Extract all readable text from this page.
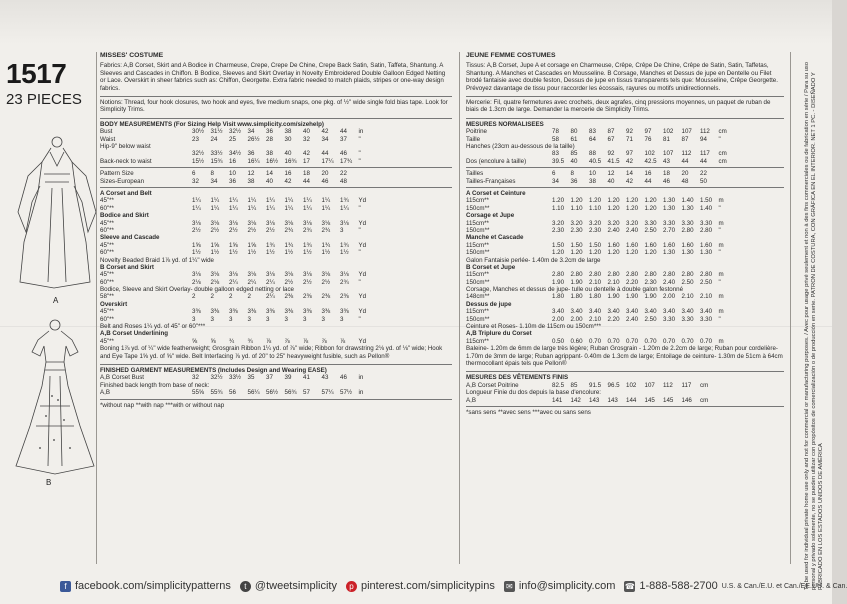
1517
23 PIECES
A
B
MISSES' COSTUME
Fabrics: A,B Corset, Skirt and A Bodice in Charmeuse, Crepe, Crepe De Chine, Crepe Back Satin, Satin, Taffeta, Shantung. A Sleeves and Cascades in Chiffon. B Bodice, Sleeves and Skirt Overlay in Novelty Embroidered Double Galloon Edged Netting or Lace. Overskirt in sheer fabrics such as: Chiffon, Georgette. Extra fabric needed to match plaids, stripes or one-way design fabrics.
Notions: Thread, four hook closures, two hook and eyes, five medium snaps, one pkg. of ½" wide single fold bias tape. Look for Simplicity Trims.
BODY MEASUREMENTS (For Sizing Help Visit www.simplicity.com/sizehelp)
Bust	30½	31½	32½	34	36	38	40	42	44	in
Waist	23	24	25	26½	28	30	32	34	37	"
Hip-9" below waist
32½	33½	34½	36	38	40	42	44	46	"
Back-neck to waist	15½	15¾	16	16¼	16½	16¾	17	17¼	17¾	"
Pattern Size	6	8	10	12	14	16	18	20	22
Sizes-European	32	34	36	38	40	42	44	46	48
A Corset and Belt
45"**	1¼	1¼	1¼	1¼	1¼	1¼	1¼	1¼	1¾	Yd
60"**	1¼	1¼	1¼	1¼	1¼	1¼	1¼	1¼	1¼	"
Bodice and Skirt
45"**	3⅛	3⅛	3⅛	3⅛	3⅛	3⅛	3⅛	3⅛	3⅛	Yd
60"**	2½	2½	2½	2½	2½	2¾	2¾	2¾	3	"
Sleeve and Cascade
45"**	1⅝	1⅝	1⅝	1⅝	1¾	1¾	1¾	1¾	1¾	Yd
60"**	1½	1½	1½	1½	1½	1½	1½	1½	1½	"
Novelty Beaded Braid 1⅞ yd. of 1¼" wide
B Corset and Skirt
45"**	3⅛	3⅛	3⅛	3⅛	3⅛	3⅛	3⅛	3⅛	3⅛	Yd
60"**	2⅛	2⅛	2¼	2¼	2¼	2½	2½	2½	2¾	"
Bodice, Sleeve and Skirt Overlay- double galloon edged netting or lace
58"**	2	2	2	2	2¼	2⅜	2⅜	2⅜	2⅜	Yd
Overskirt
45"**	3⅜	3⅜	3⅜	3⅜	3⅜	3⅜	3⅜	3⅜	3⅜	Yd
60"**	3	3	3	3	3	3	3	3	3	"
Belt and Roses 1¼ yd. of 45" or 60"***
A,B Corset Underlining
45"**	⅝	⅝	¾	¾	⅞	⅞	⅞	⅞	⅞	Yd
Boning 1⅞ yd. of ¼" wide featherweight; Grosgrain Ribbon 1¼ yd. of ⅞" wide; Ribbon for drawstring 2⅛ yd. of ⅛" wide; Hook and Eye Tape 1⅝ yd. of ⅝" wide. Belt Interfacing ⅞ yd. of 20" to 25" heavyweight fusible, such as Pellon®
FINISHED GARMENT MEASUREMENTS (Includes Design and Wearing EASE)
A,B Corset Bust	32	32½	33½	35	37	39	41	43	46	in
Finished back length from base of neck:
A,B	55⅝	55¾	56	56¼	56½	56¾	57	57¼	57½	in
*without nap **with nap ***with or without nap
JEUNE FEMME COSTUMES
Tissus: A,B Corset, Jupe A et corsage en Charmeuse, Crêpe, Crêpe De Chine, Crêpe de Satin, Satin, Taffetas, Shantung. A Manches et Cascades en Mousseline. B Corsage, Manches et Dessus de jupe en Dentelle ou Filet brodé fantaisie avec double feston, Dessus de jupe en tissus transparents tels que: Mousseline, Crêpe Georgette. Prévoyez davantage de tissu pour raccorder les écossais, rayures ou motifs unidirectionnels.
Mercerie: Fil, quatre fermetures avec crochets, deux agrafes, cinq pressions moyennes, un paquet de ruban de biais de 1.3cm de large. Demander la mercerie de Simplicity Trims.
MESURES NORMALISEES
Poitrine	78	80	83	87	92	97	102	107	112	cm
Taille	58	61	64	67	71	76	81	87	94	"
Hanches (23cm au-dessous de la taille)
83	85	88	92	97	102	107	112	117	cm
Dos (encolure à taille)	39.5	40	40.5	41.5	42	42.5	43	44	44	cm
Tailles	6	8	10	12	14	16	18	20	22
Tailles-Françaises	34	36	38	40	42	44	46	48	50
A Corset et Ceinture
115cm**	1.20	1.20	1.20	1.20	1.20	1.20	1.30	1.40	1.50	m
150cm**	1.10	1.10	1.10	1.20	1.20	1.20	1.30	1.30	1.40	"
Corsage et Jupe
115cm**	3.20	3.20	3.20	3.20	3.20	3.30	3.30	3.30	3.30	m
150cm**	2.30	2.30	2.30	2.40	2.40	2.50	2.70	2.80	2.80	"
Manche et Cascade
115cm**	1.50	1.50	1.50	1.60	1.60	1.60	1.60	1.60	1.60	m
150cm**	1.20	1.20	1.20	1.20	1.20	1.20	1.30	1.30	1.30	"
Galon Fantaisie perlée- 1.40m de 3.2cm de large
B Corset et Jupe
115cm**	2.80	2.80	2.80	2.80	2.80	2.80	2.80	2.80	2.80	m
150cm**	1.90	1.90	2.10	2.10	2.20	2.30	2.40	2.50	2.50	"
Corsage, Manches et dessus de jupe- tulle ou dentelle à double galon festonné
148cm**	1.80	1.80	1.80	1.90	1.90	1.90	2.00	2.10	2.10	m
Dessus de jupe
115cm**	3.40	3.40	3.40	3.40	3.40	3.40	3.40	3.40	3.40	m
150cm**	2.00	2.00	2.10	2.20	2.40	2.50	3.30	3.30	3.30	"
Ceinture et Roses- 1.10m de 115cm ou 150cm***
A,B Triplure du Corset
115cm**	0.50	0.60	0.70	0.70	0.70	0.70	0.70	0.70	0.70	m
Baleine- 1.20m de 6mm de large très légère; Ruban Grosgrain - 1.20m de 2.2cm de large; Ruban pour cordelière- 1.70m de 3mm de large; Ruban agrippant- 0.40m de 1.3cm de large; Entoilage de ceinture- 1.30m de 51cm à 64cm thermocollant épais tels que Pellon®
MESURES DES VÊTEMENTS FINIS
A,B Corset Poitrine	82.5	85	91.5	96.5	102	107	112	117	cm
Longueur Finie du dos depuis la base d'encolure:
A,B	141	142	143	143	144	145	145	146	cm
*sans sens **avec sens ***avec ou sans sens	To be used for individual private home use only and not for commercial or manufacturing purposes. / Avec pour usage privé seulement et non à des fins commerciales ou de fabrication en série / Para su uso personal y privado solamente, no se pueden utilizar con propósitos de comercialización o de producción en serie. PATRON DE COSTURA, CON GRÁFICA EN EL INTERIOR. NET 1 PC. - DISEÑADO Y FABRICADO EN LOS ESTADOS UNIDOS DE AMÉRICA
f facebook.com/simplicitypatterns	t @tweetsimplicity	p pinterest.com/simplicitypins ✉ info@simplicity.com ☎ 1-888-588-2700 U.S. & Can./E.U. et Can./EE.UU. & Can.
